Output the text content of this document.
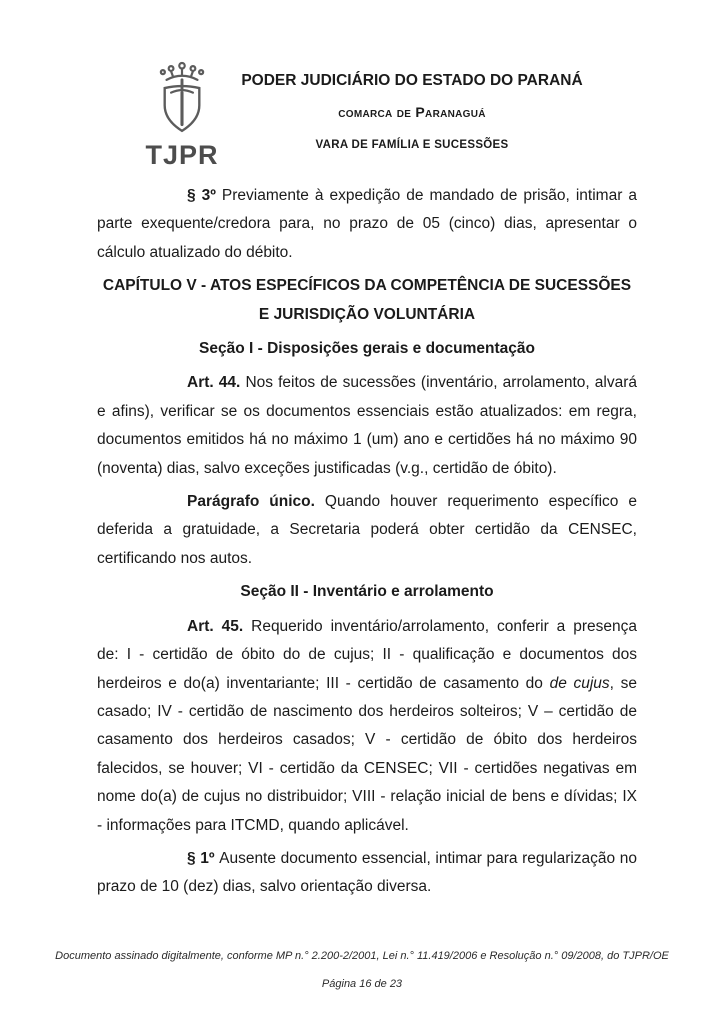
TJPR
PODER JUDICIÁRIO DO ESTADO DO PARANÁ
comarca de Paranaguá
VARA DE FAMÍLIA E SUCESSÕES

§ 3º Previamente à expedição de mandado de prisão, intimar a parte exequente/credora para, no prazo de 05 (cinco) dias, apresentar o cálculo atualizado do débito.

CAPÍTULO V - ATOS ESPECÍFICOS DA COMPETÊNCIA DE SUCESSÕES E JURISDIÇÃO VOLUNTÁRIA

Seção I - Disposições gerais e documentação

Art. 44. Nos feitos de sucessões (inventário, arrolamento, alvará e afins), verificar se os documentos essenciais estão atualizados: em regra, documentos emitidos há no máximo 1 (um) ano e certidões há no máximo 90 (noventa) dias, salvo exceções justificadas (v.g., certidão de óbito).

Parágrafo único. Quando houver requerimento específico e deferida a gratuidade, a Secretaria poderá obter certidão da CENSEC, certificando nos autos.

Seção II - Inventário e arrolamento

Art. 45. Requerido inventário/arrolamento, conferir a presença de: I - certidão de óbito do de cujus; II - qualificação e documentos dos herdeiros e do(a) inventariante; III - certidão de casamento do de cujus, se casado; IV - certidão de nascimento dos herdeiros solteiros; V – certidão de casamento dos herdeiros casados; V - certidão de óbito dos herdeiros falecidos, se houver; VI - certidão da CENSEC; VII - certidões negativas em nome do(a) de cujus no distribuidor; VIII - relação inicial de bens e dívidas; IX - informações para ITCMD, quando aplicável.

§ 1º Ausente documento essencial, intimar para regularização no prazo de 10 (dez) dias, salvo orientação diversa.

Documento assinado digitalmente, conforme MP n.° 2.200-2/2001, Lei n.° 11.419/2006 e Resolução n.° 09/2008, do TJPR/OE
Página 16 de 23
